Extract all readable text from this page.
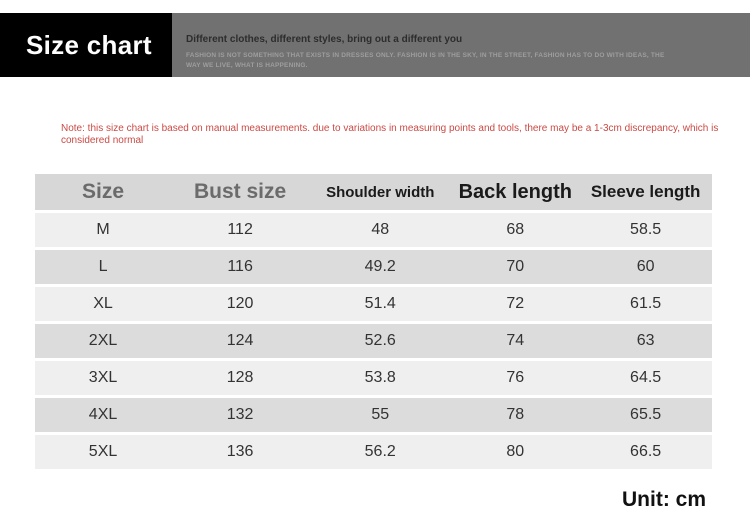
Size chart	Different clothes, different styles, bring out a different you
FASHION IS NOT SOMETHING THAT EXISTS IN DRESSES ONLY. FASHION IS IN THE SKY, IN THE STREET, FASHION HAS TO DO WITH IDEAS, THE WAY WE LIVE, WHAT IS HAPPENING.
Note: this size chart is based on manual measurements. due to variations in measuring points and tools, there may be a 1-3cm discrepancy, which is considered normal
Size	Bust size	Shoulder width	Back length	Sleeve length
M	112	48	68	58.5
L	116	49.2	70	60
XL	120	51.4	72	61.5
2XL	124	52.6	74	63
3XL	128	53.8	76	64.5
4XL	132	55	78	65.5
5XL	136	56.2	80	66.5
Unit: cm
